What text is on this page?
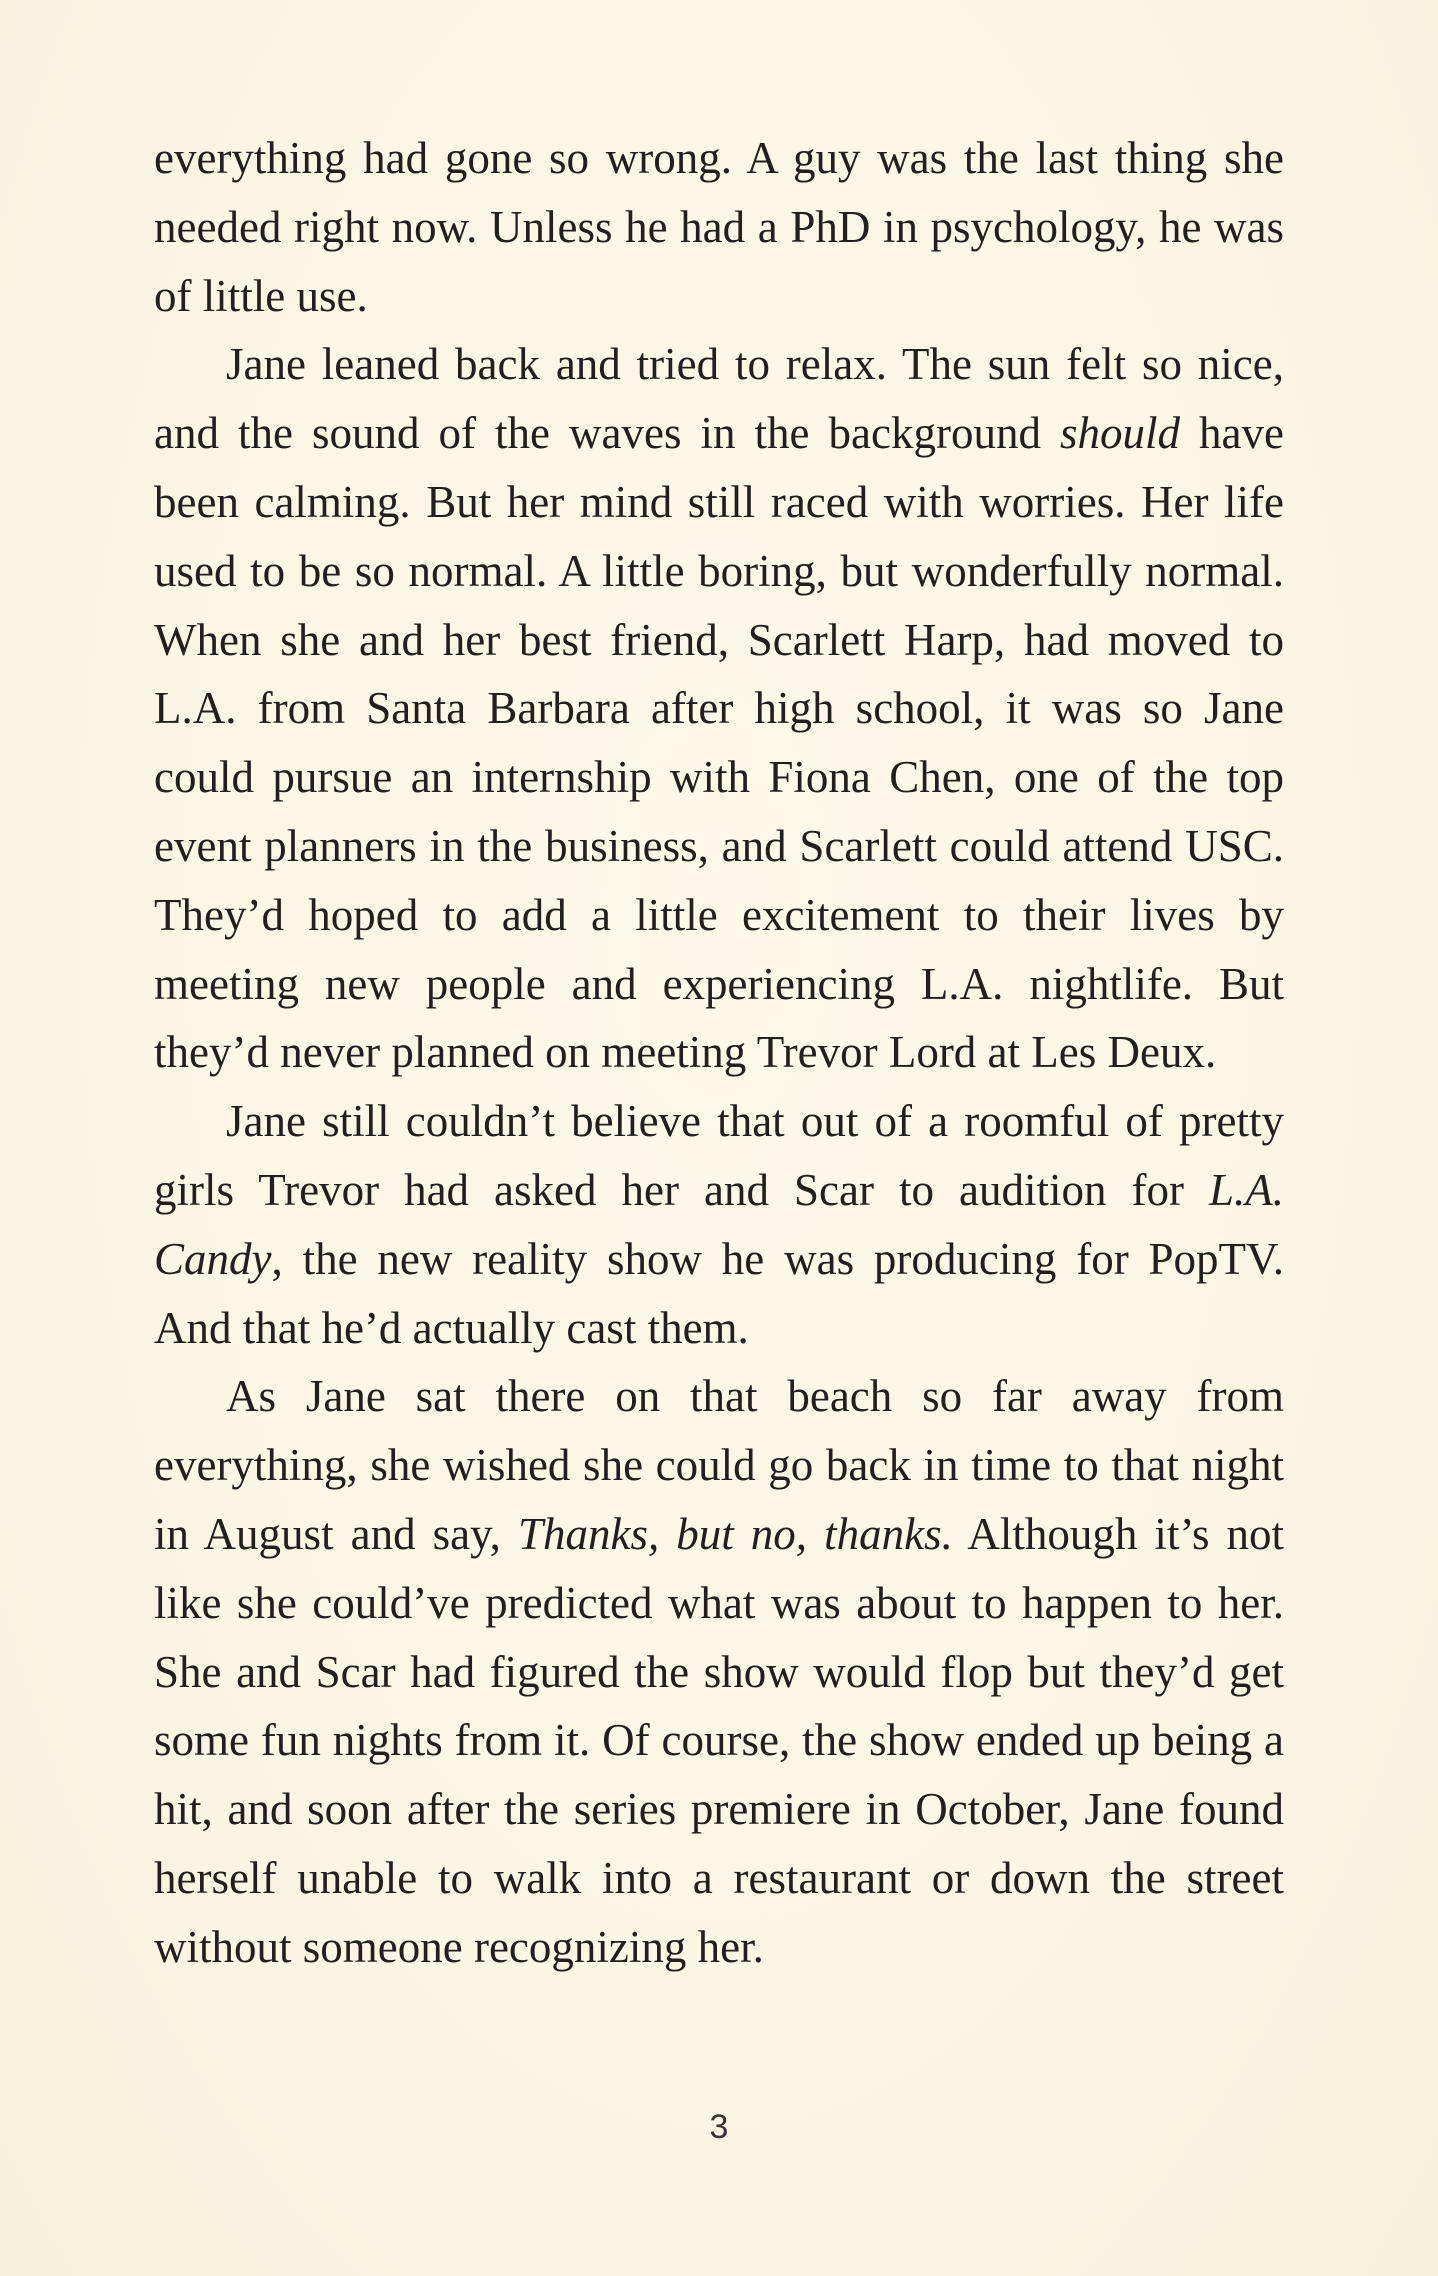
everything had gone so wrong. A guy was the last thing she needed right now. Unless he had a PhD in psychology, he was of little use.

Jane leaned back and tried to relax. The sun felt so nice, and the sound of the waves in the background should have been calming. But her mind still raced with worries. Her life used to be so normal. A little boring, but wonderfully normal. When she and her best friend, Scarlett Harp, had moved to L.A. from Santa Barbara after high school, it was so Jane could pursue an internship with Fiona Chen, one of the top event planners in the business, and Scarlett could attend USC. They’d hoped to add a little excitement to their lives by meeting new people and experiencing L.A. nightlife. But they’d never planned on meeting Trevor Lord at Les Deux.

Jane still couldn’t believe that out of a roomful of pretty girls Trevor had asked her and Scar to audition for L.A. Candy, the new reality show he was producing for PopTV. And that he’d actually cast them.

As Jane sat there on that beach so far away from everything, she wished she could go back in time to that night in August and say, Thanks, but no, thanks. Although it’s not like she could’ve predicted what was about to happen to her. She and Scar had figured the show would flop but they’d get some fun nights from it. Of course, the show ended up being a hit, and soon after the series premiere in October, Jane found herself unable to walk into a restaurant or down the street without someone recognizing her.

3
